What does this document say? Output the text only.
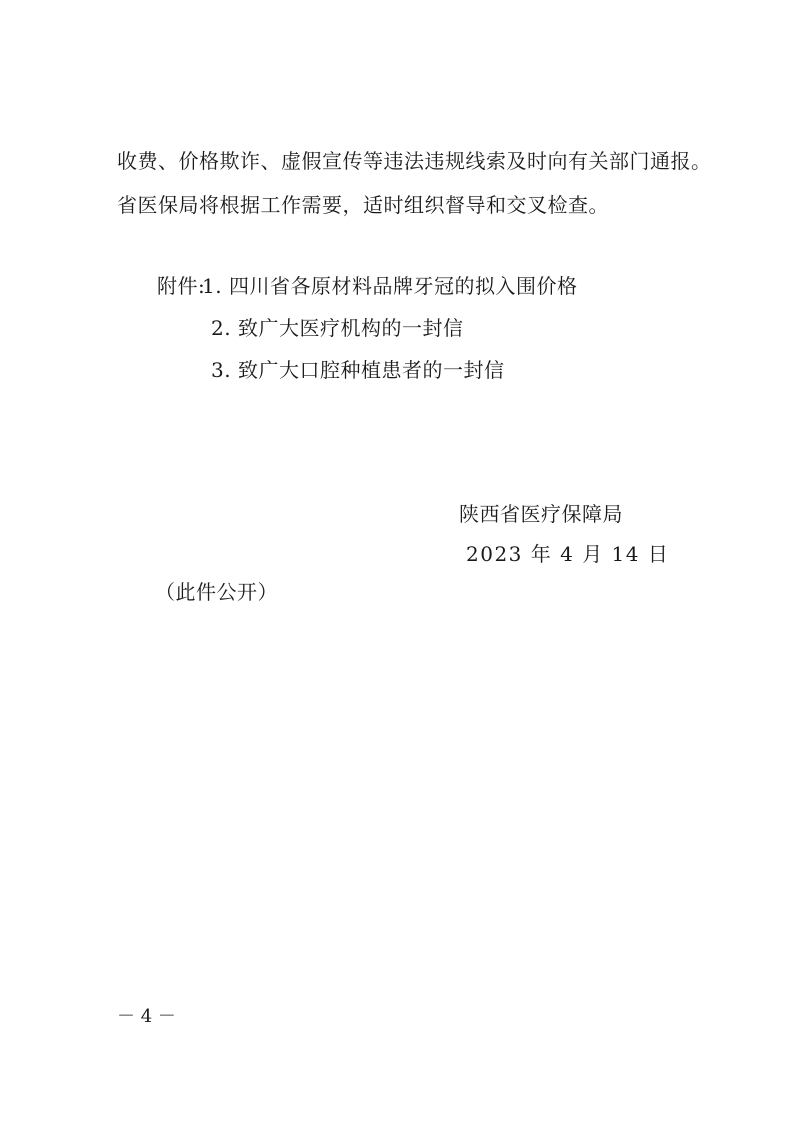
收费、价格欺诈、虚假宣传等违法违规线索及时向有关部门通报。
省医保局将根据工作需要，适时组织督导和交叉检查。
附件:
1. 四川省各原材料品牌牙冠的拟入围价格
2. 致广大医疗机构的一封信
3. 致广大口腔种植患者的一封信
陕西省医疗保障局
2023 年 4 月 14 日
（此件公开）
－ 4 －
